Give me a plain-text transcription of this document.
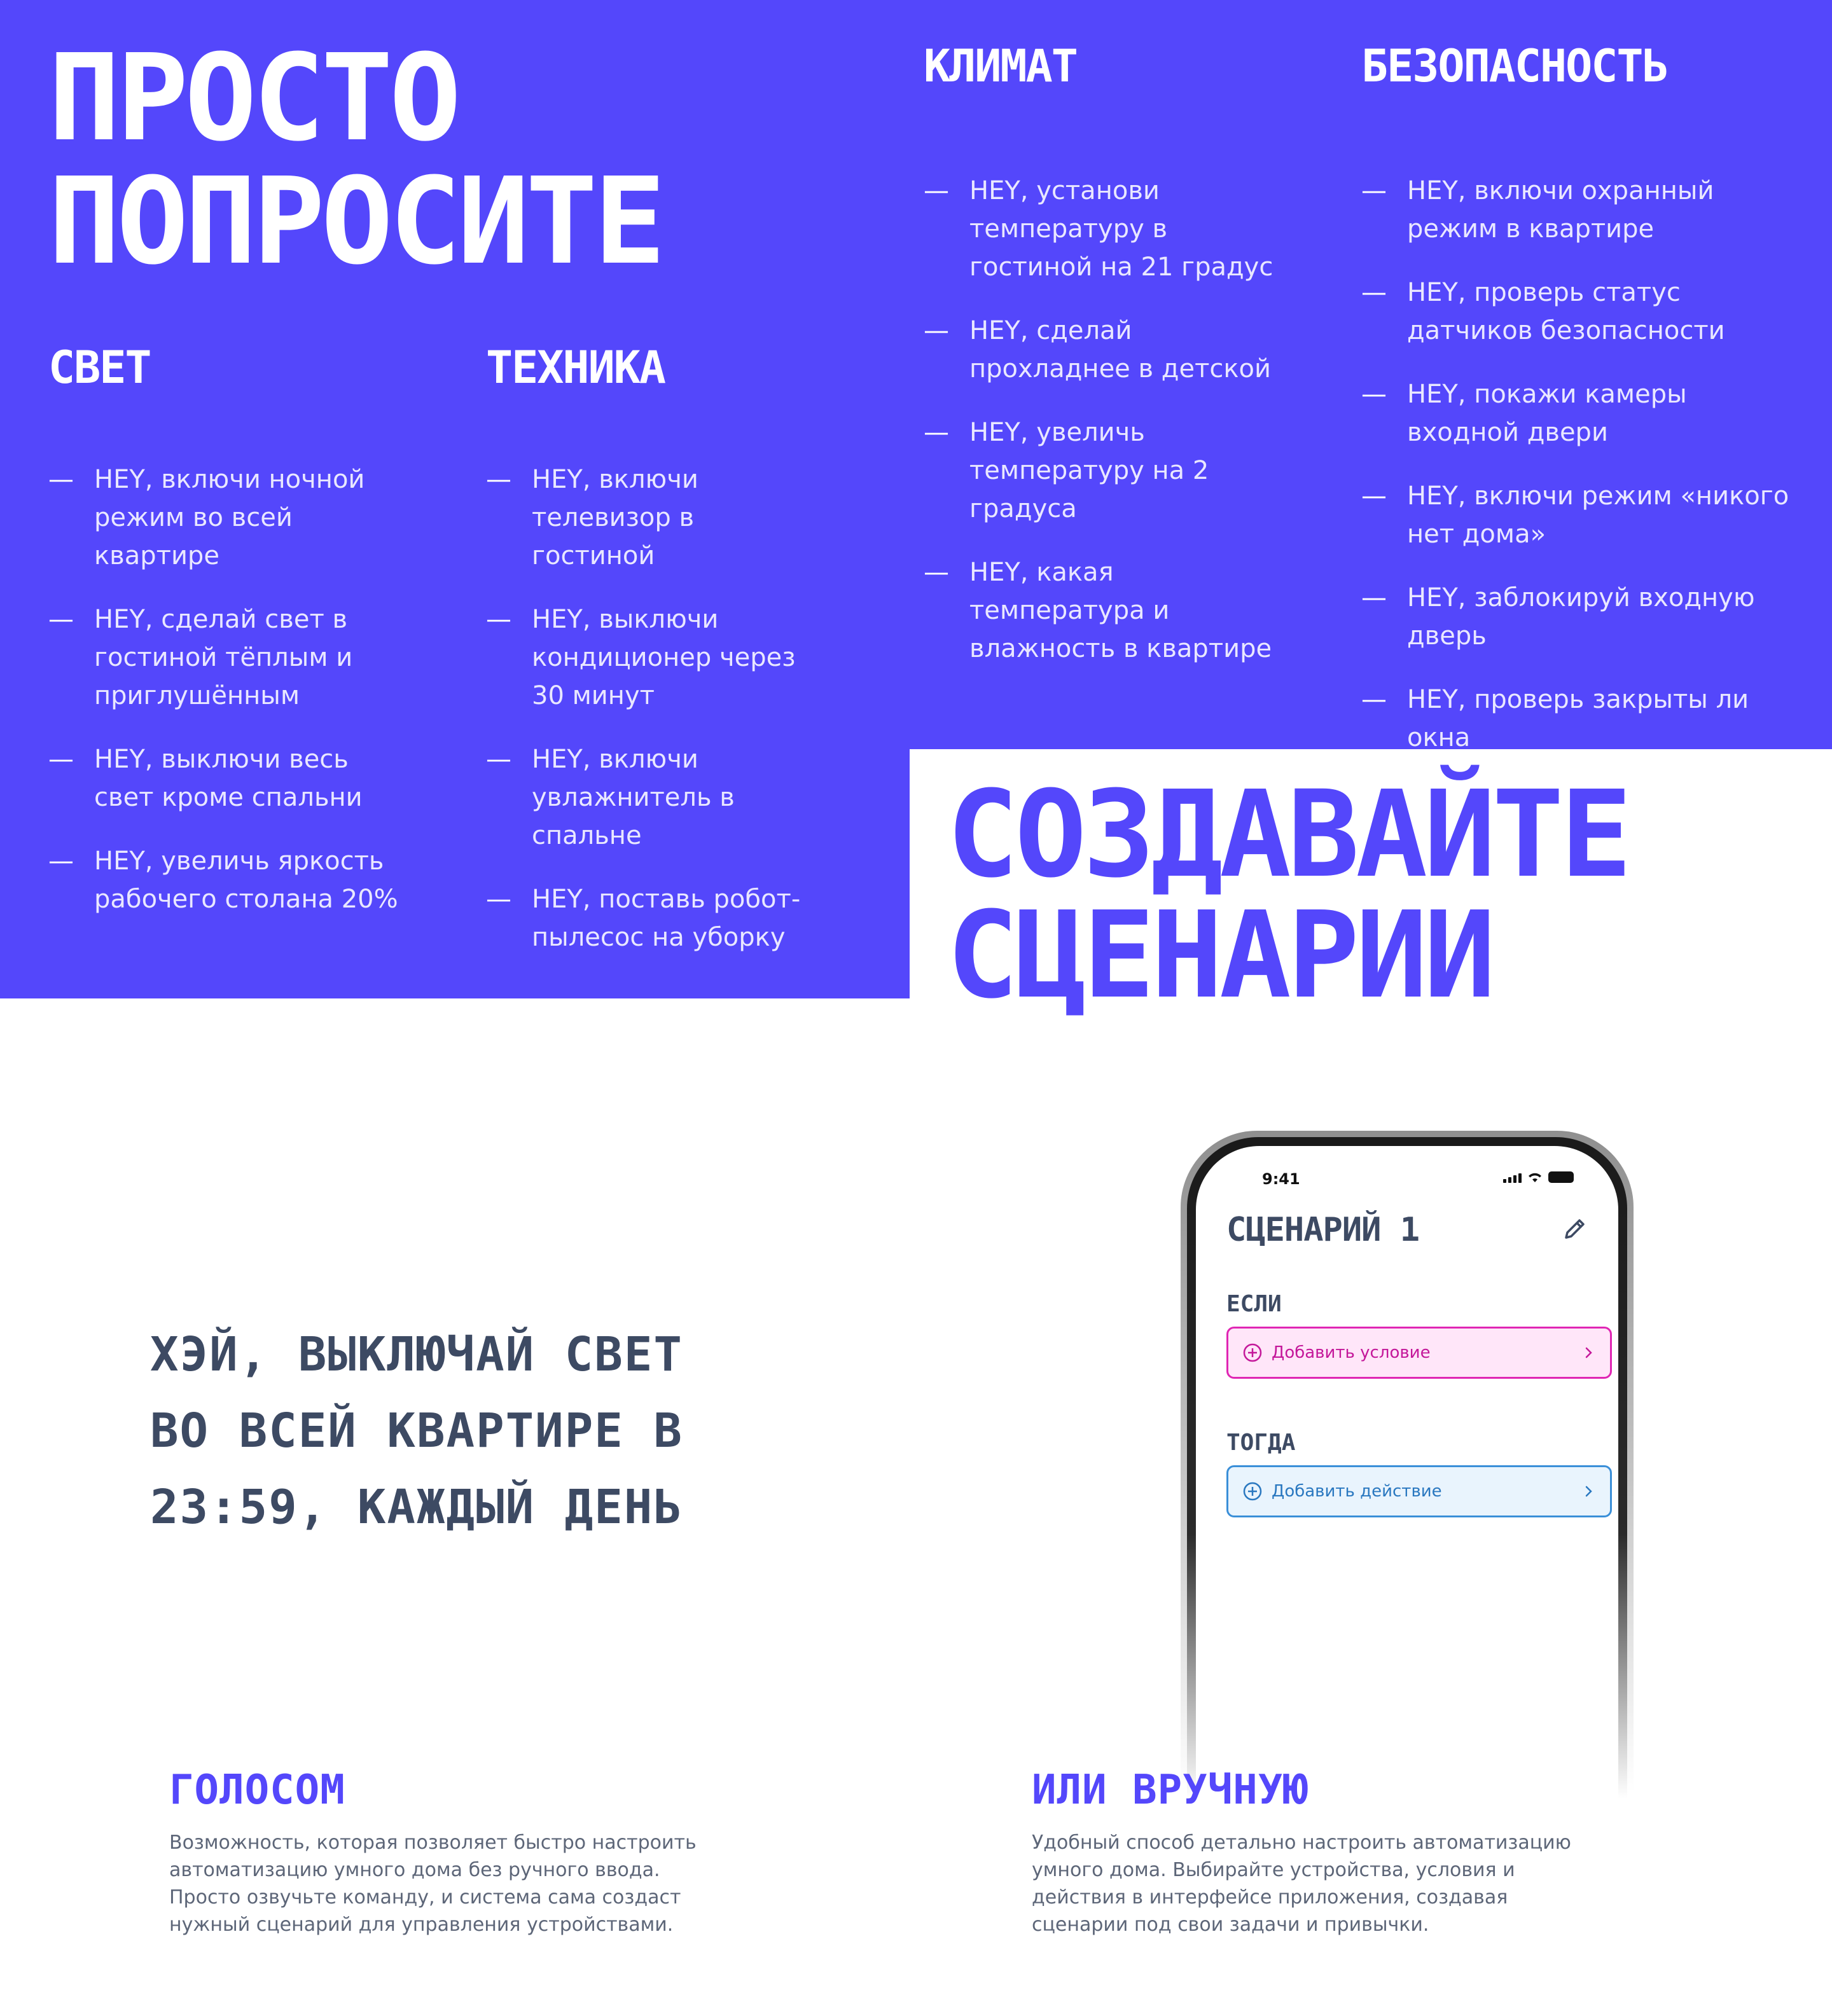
ПРОСТО

ПОПРОСИТЕ

СВЕТ
— HEY, включи ночной режим во всей квартире
— HEY, сделай свет в гостиной тёплым и приглушённым
— HEY, выключи весь свет кроме спальни
— HEY, увеличь яркость рабочего столана 20%
ТЕХНИКА
— HEY, включи телевизор в гостиной
— HEY, выключи кондиционер через 30 минут
— HEY, включи увлажнитель в спальне
— HEY, поставь робот-пылесос на уборку
КЛИМАТ
— HEY, установи температуру в гостиной на 21 градус
— HEY, сделай прохладнее в детской
— HEY, увеличь температуру на 2 градуса
— HEY, какая температура и влажность в квартире
БЕЗОПАСНОСТЬ
— HEY, включи охранный режим в квартире
— HEY, проверь статус датчиков безопасности
— HEY, покажи камеры входной двери
— HEY, включи режим «никого нет дома»
— HEY, заблокируй входную дверь
— HEY, проверь закрыты ли окна

СОЗДАВАЙТЕ

СЦЕНАРИИ

ХЭЙ, ВЫКЛЮЧАЙ СВЕТ

ВО ВСЕЙ КВАРТИРЕ В

23:59, КАЖДЫЙ ДЕНЬ

9:41
СЦЕНАРИЙ 1
ЕСЛИ
Добавить условие
ТОГДА
Добавить действие
ГОЛОСОМ
Возможность, которая позволяет быстро настроить автоматизацию умного дома без ручного ввода. Просто озвучьте команду, и система сама создаст нужный сценарий для управления устройствами.
ИЛИ ВРУЧНУЮ
Удобный способ детально настроить автоматизацию умного дома. Выбирайте устройства, условия и действия в интерфейсе приложения, создавая сценарии под свои задачи и привычки.
